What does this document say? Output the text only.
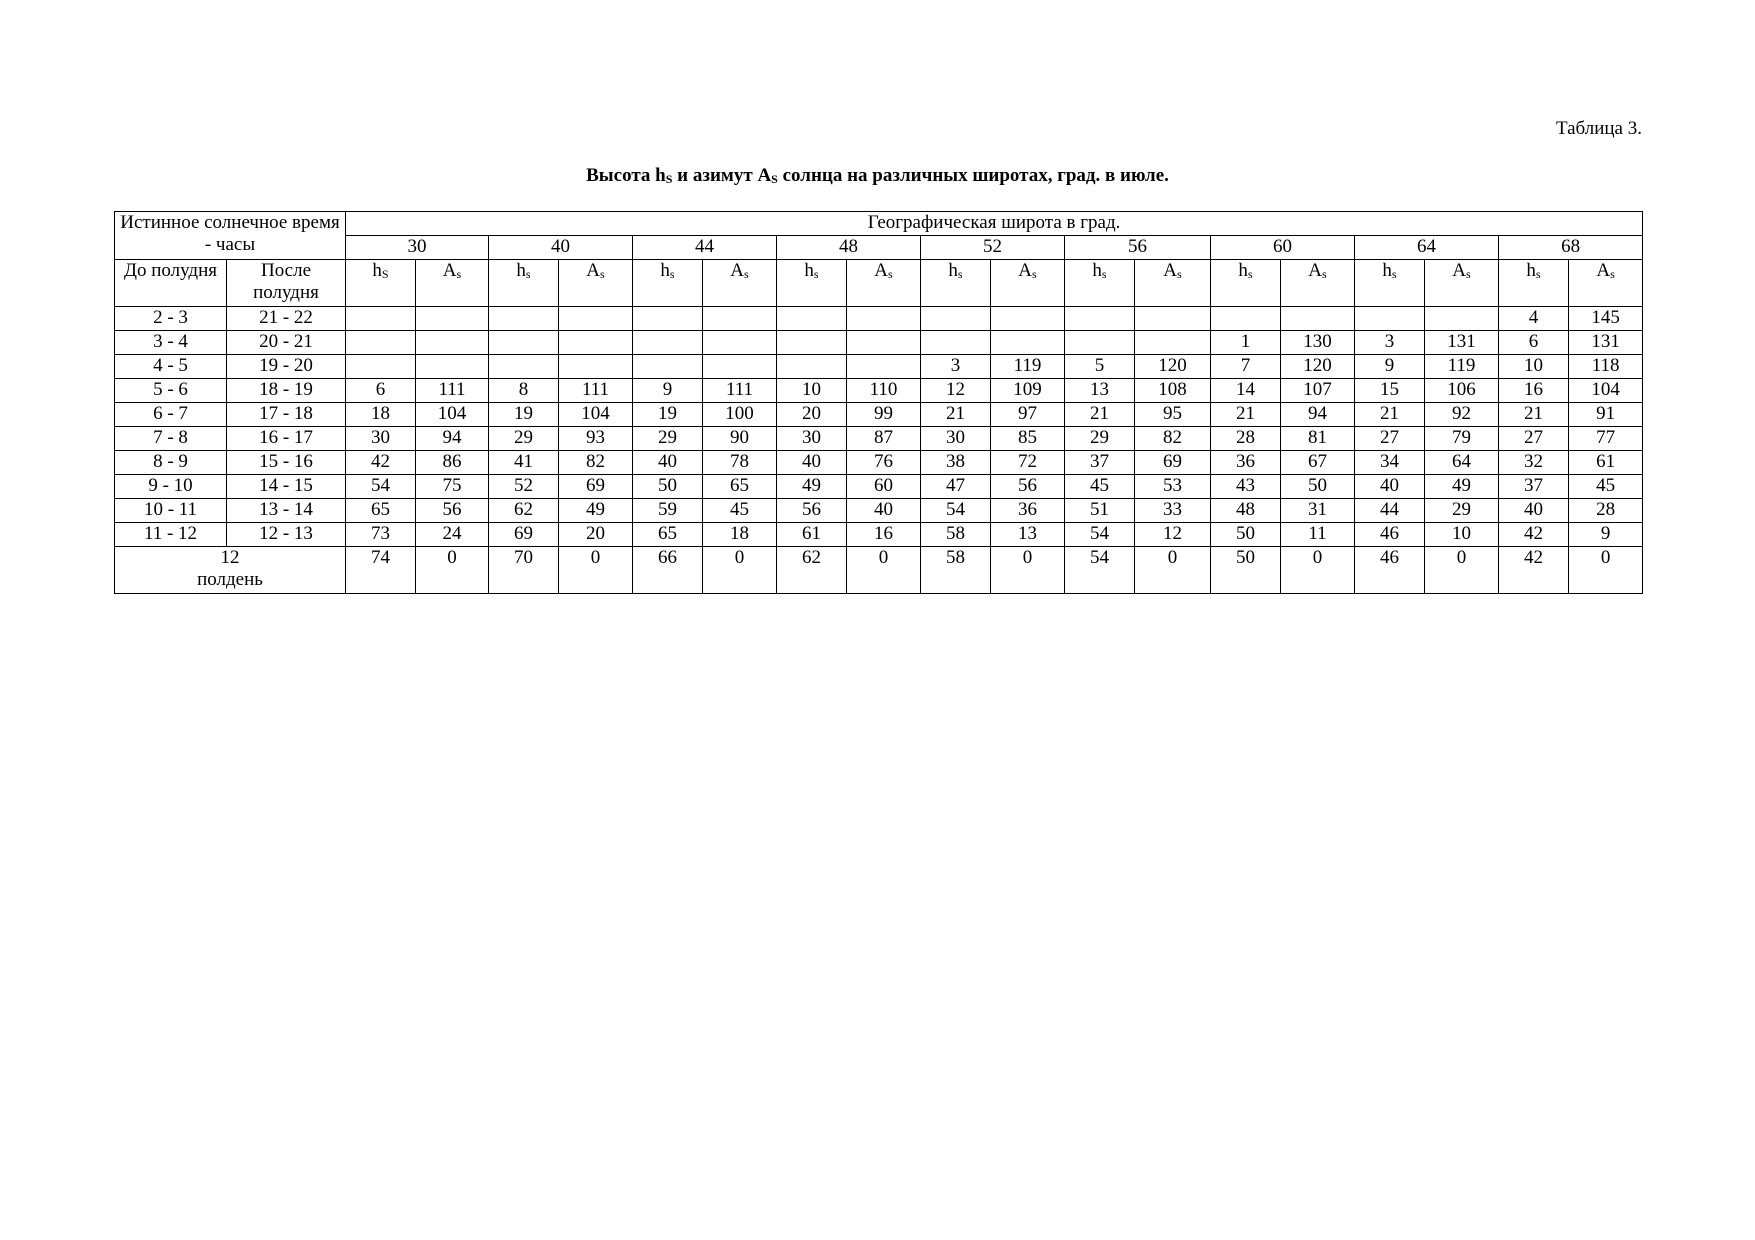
Таблица 3.
Высота $h_S$ и азимут $A_S$ солнца на различных широтах, град. в июле.
Истинное солнечное время - часы		Географическая широта в град.																	
		30		40		44		48		52		56		60		64		68	
До полудня	После полудня	$h_S$	$A_s$	$h_s$	$A_s$	$h_s$	$A_s$	$h_s$	$A_s$	$h_s$	$A_s$	$h_s$	$A_s$	$h_s$	$A_s$	$h_s$	$A_s$	$h_s$	$A_s$
2 - 3	21 - 22																	4	145
3 - 4	20 - 21													1	130	3	131	6	131
4 - 5	19 - 20									3	119	5	120	7	120	9	119	10	118
5 - 6	18 - 19	6	111	8	111	9	111	10	110	12	109	13	108	14	107	15	106	16	104
6 - 7	17 - 18	18	104	19	104	19	100	20	99	21	97	21	95	21	94	21	92	21	91
7 - 8	16 - 17	30	94	29	93	29	90	30	87	30	85	29	82	28	81	27	79	27	77
8 - 9	15 - 16	42	86	41	82	40	78	40	76	38	72	37	69	36	67	34	64	32	61
9 - 10	14 - 15	54	75	52	69	50	65	49	60	47	56	45	53	43	50	40	49	37	45
10 - 11	13 - 14	65	56	62	49	59	45	56	40	54	36	51	33	48	31	44	29	40	28
11 - 12	12 - 13	73	24	69	20	65	18	61	16	58	13	54	12	50	11	46	10	42	9

12
полдень		74	0	70	0	66	0	62	0	58	0	54	0	50	0	46	0	42	0
